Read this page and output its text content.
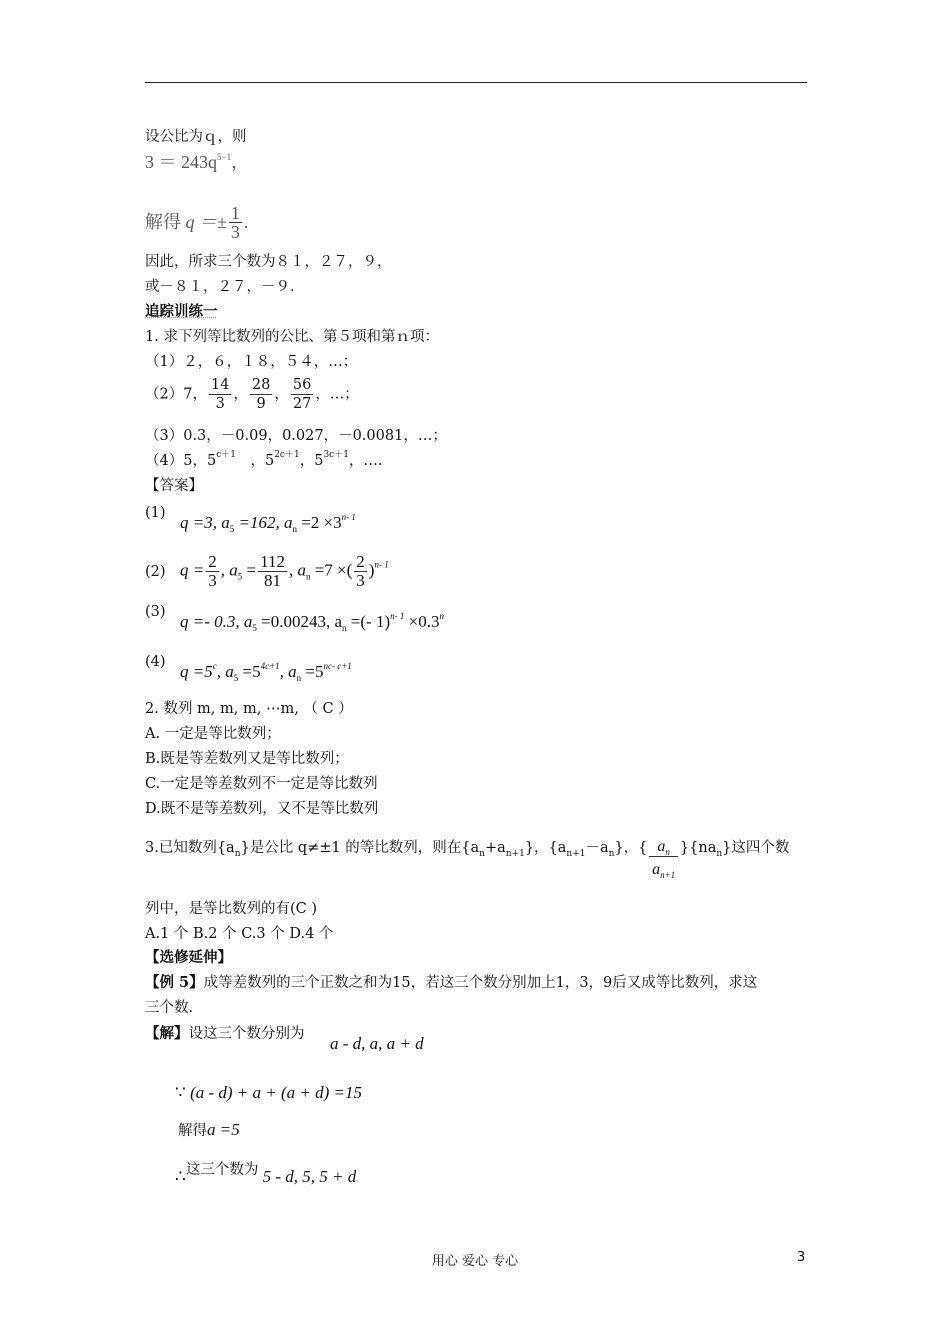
设公比为ｑ，则
$3 = 243q^{5-1}$，
解得 $q =\pm \frac{1}{3}$ .
因此，所求三个数为８１，２７，９，
或－８１，２７，－９．
追踪训练一
1. 求下列等比数列的公比、第５项和第ｎ项：
（1）２，６，１８，５４，…；
（2）7， $\frac{14}{3}$ ， $\frac{28}{9}$ ， $\frac{56}{27}$ ，…；
（3）0.3，－0.09，0.027，－0.0081，…；
（4）5，$5^{c+1}$　，$5^{2c+1}$，$5^{3c+1}$，….
【答案】
(1) q =3, $a_5 =162$, $a_n =2 \times 3^{n- 1}$
(2) $q = \frac{2}{3}$ , $a_5 = \frac{112}{81}$ , $a_n =7$ ×( $\frac{2}{3} )^{n- 1}$
(3) q =- 0.3, $a_5 =0.00243$, $a_n$ =(- $1)^{n- 1} \times 0.3^n$
(4) $q =5^c$, $a_5 =5^{4c+1}$, $a_n =5^{nc- c+1}$
2. 数列 m, m, m, ⋯m, （ C ）
A. 一定是等比数列；
B.既是等差数列又是等比数列；
C.一定是等差数列不一定是等比数列
D.既不是等差数列，又不是等比数列
3.已知数列$\{a_n\}$是公比 q≠±1 的等比数列，则在$\{a_n+a_{n+1}\}$，$\{a_{n+1}-a_n\}$，{ $\frac{a_n}{a_{n+1}} \}\{na_n\}$这四个数
列中，是等比数列的有(C )
A.1 个 B.2 个 C.3 个 D.4 个
【选修延伸】
【例 5】成等差数列的三个正数之和为15，若这三个数分别加上1，3，9后又成等比数列，求这
三个数.
【解】设这三个数分别为 a - d, a, a + d
∵ (a - d) + a + (a + d) =15
解得a =5
∴这三个数为 5 - d, 5, 5 + d
用心 爱心 专心	3
